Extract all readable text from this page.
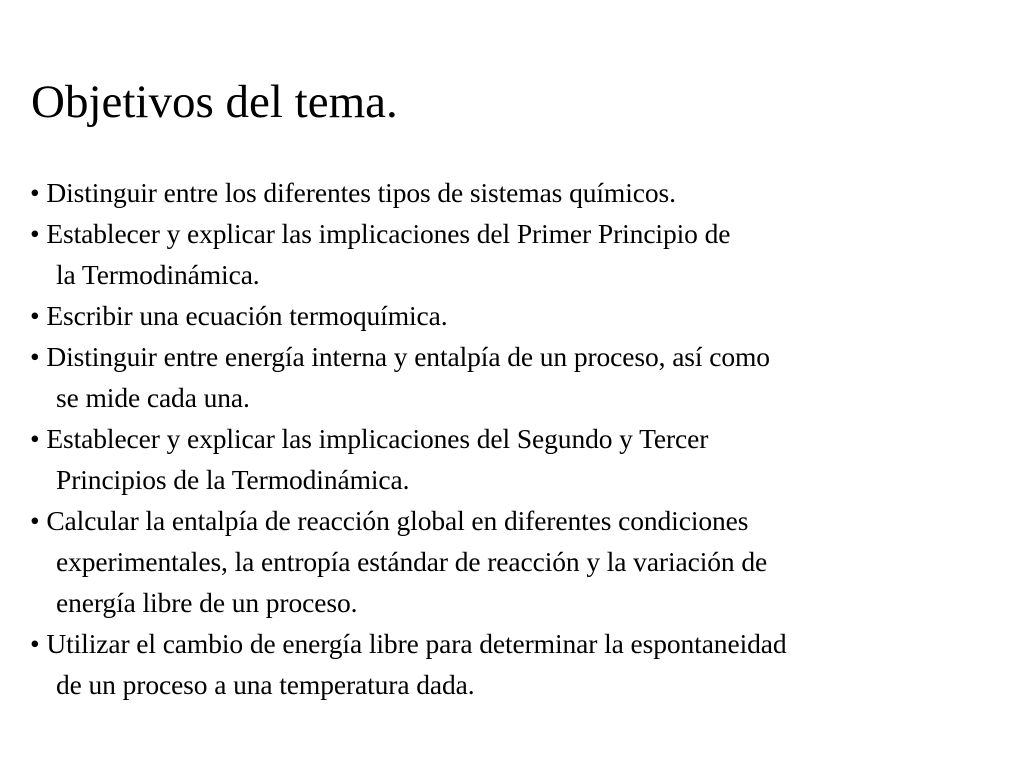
Objetivos del tema.
• Distinguir entre los diferentes tipos de sistemas químicos.
• Establecer y explicar las implicaciones del Primer Principio de
la Termodinámica.
• Escribir una ecuación termoquímica.
• Distinguir entre energía interna y entalpía de un proceso, así como
se mide cada una.
• Establecer y explicar las implicaciones del Segundo y Tercer
Principios de la Termodinámica.
• Calcular la entalpía de reacción global en diferentes condiciones
experimentales, la entropía estándar de reacción y la variación de
energía libre de un proceso.
• Utilizar el cambio de energía libre para determinar la espontaneidad
de un proceso a una temperatura dada.
